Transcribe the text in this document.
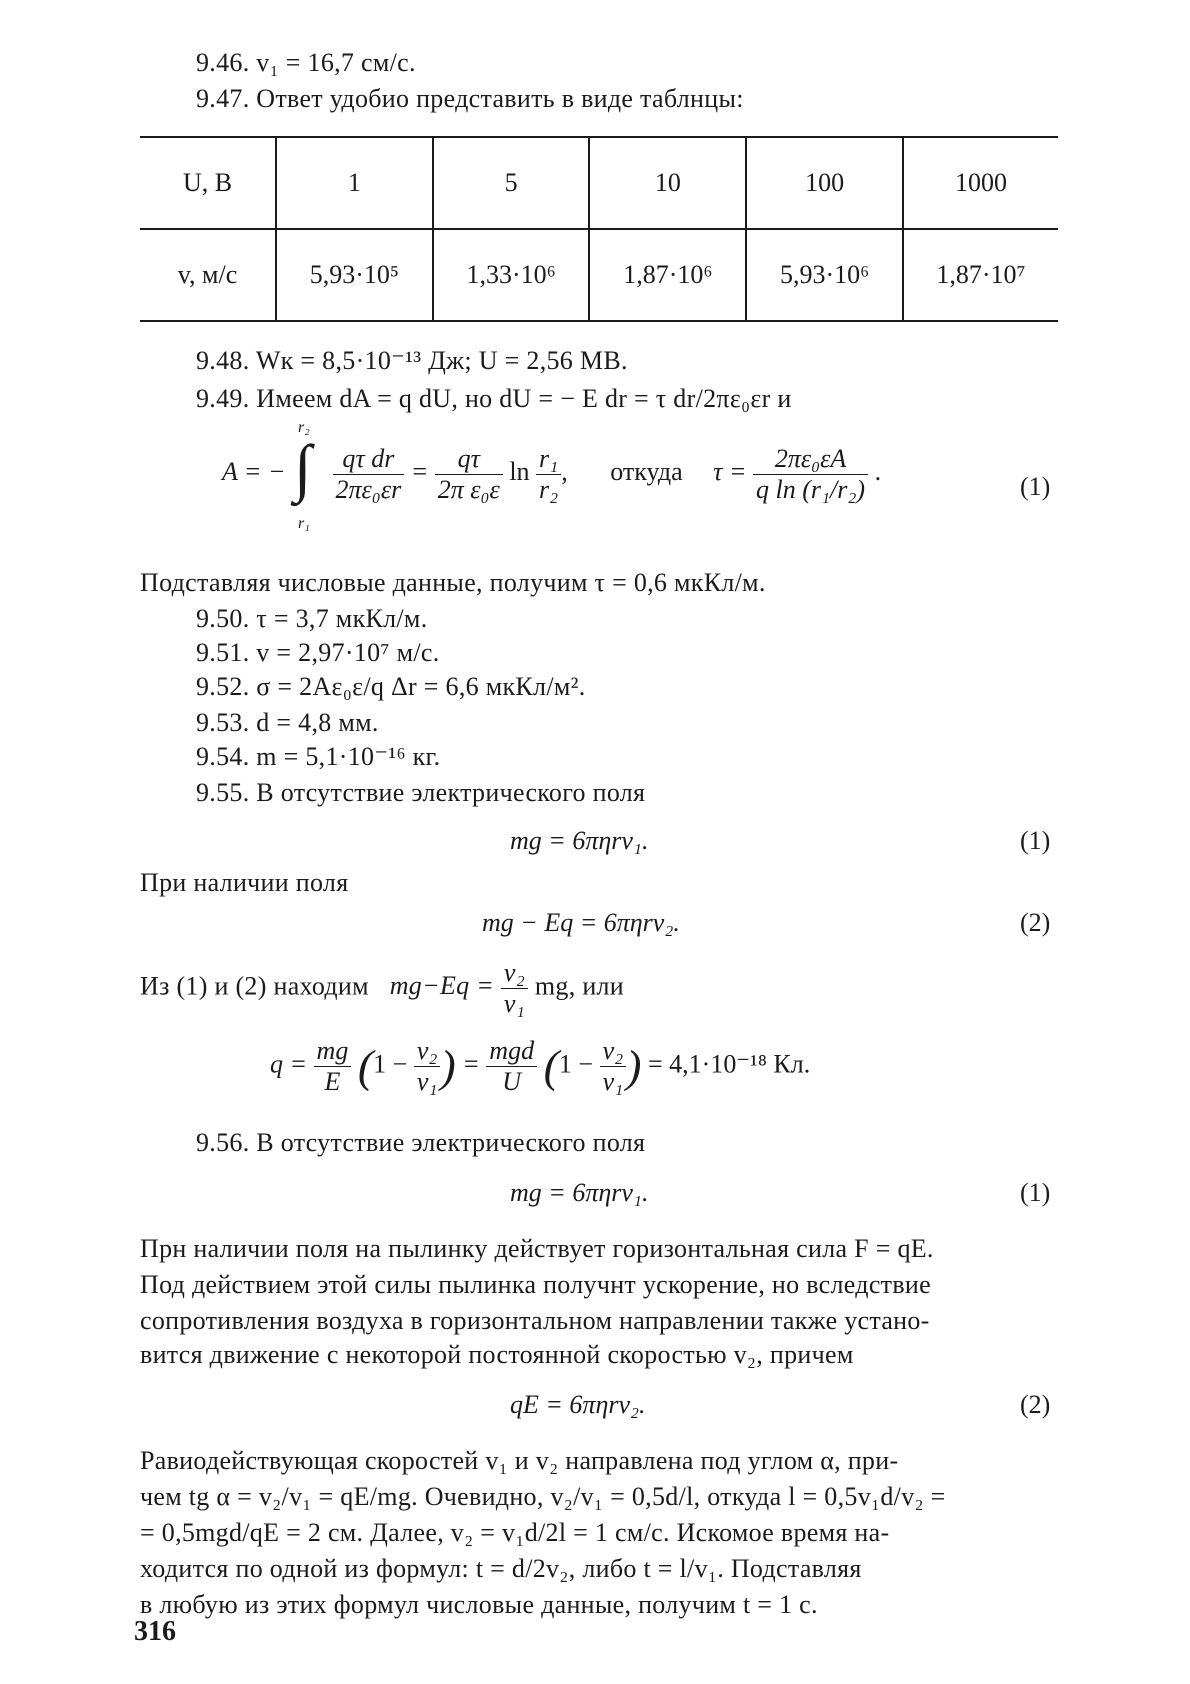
9.46. v₁ = 16,7 см/с.
9.47. Ответ удобио представить в виде таблнцы:
U, В	1	5	10	100	1000
v, м/с	5,93·10⁵	1,33·10⁶	1,87·10⁶	5,93·10⁶	1,87·10⁷
9.48. Wк = 8,5·10⁻¹³ Дж; U = 2,56 МВ.
9.49. Имеем dA = q dU, но dU = − E dr = τ dr/2πε₀εr и
A = −
r₂
∫
r₁

$\frac{\text{qτ dr}}{\text{2πε₀εr}} = \frac{q\tau}{\text{2π ε₀ε}}$ $\ln \frac{\text{r₁}}{\text{r₂}}$ , откуда $\tau = \frac{\text{2πε₀εA}}{\text{q ln (r₁/r₂)}}$ .
(1)
Подставляя числовые данные, получим τ = 0,6 мкКл/м.
9.50. τ = 3,7 мкКл/м.
9.51. v = 2,97·10⁷ м/с.
9.52. σ = 2Aε₀ε/q Δr = 6,6 мкКл/м².
9.53. d = 4,8 мм.
9.54. m = 5,1·10⁻¹⁶ кг.
9.55. В отсутствие электрического поля
mg = 6πηrv₁.	(1)
При наличии поля
mg − Eq = 6πηrv₂.	(2)
Из (1) и (2) находим $mg-Eq = \frac{\text{v₂}}{\text{v₁}}$ mg, или
$q = \frac{mg}{E} (1 - \frac{\text{v₂}}{\text{v₁}}$ ) = $\frac{\text{mgd}}{U} (1 - \frac{\text{v₂}}{\text{v₁}}$ ) = 4,1·10⁻¹⁸ Кл.
9.56. В отсутствие электрического поля
mg = 6πηrv₁.	(1)
Прн наличии поля на пылинку действует горизонтальная сила F = qE.
Под действием этой силы пылинка получнт ускорение, но вследствие
сопротивления воздуха в горизонтальном направлении также устано-
вится движение с некоторой постоянной скоростью v₂, причем
qE = 6πηrv₂.	(2)
Равиодействующая скоростей v₁ и v₂ направлена под углом α, при-
чем tg α = v₂/v₁ = qE/mg. Очевидно, v₂/v₁ = 0,5d/l, откуда l = 0,5v₁d/v₂ =
= 0,5mgd/qE = 2 см. Далее, v₂ = v₁d/2l = 1 см/с. Искомое время на-
ходится по одной из формул: t = d/2v₂, либо t = l/v₁. Подставляя
в любую из этих формул числовые данные, получим t = 1 с.
316
